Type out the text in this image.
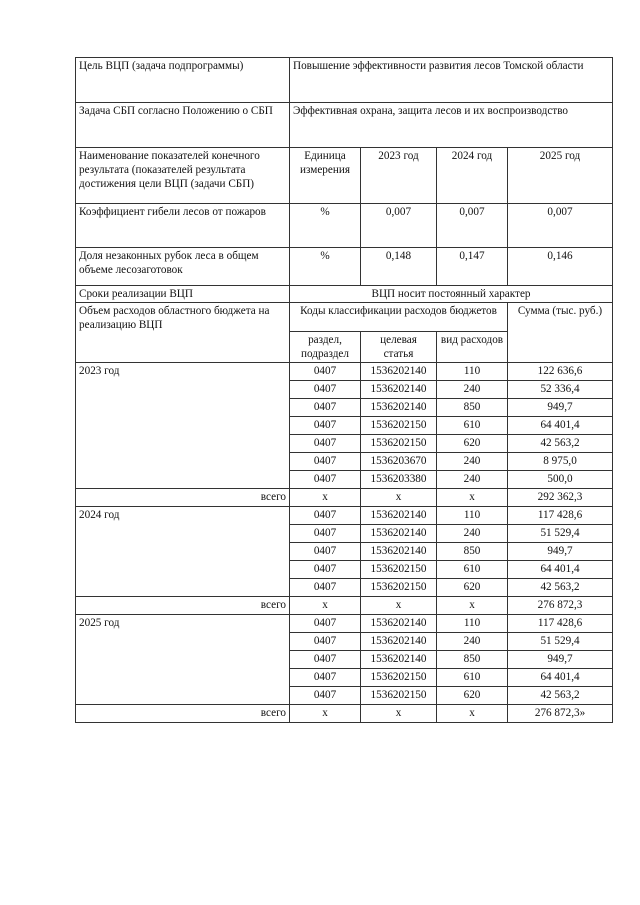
Цель ВЦП (задача подпрограммы)	Повышение эффективности развития лесов Томской области			
Задача СБП согласно Положению о СБП	Эффективная охрана, защита лесов и их воспроизводство			

Наименование показателей конечного результата (показателей результата достижения цели ВЦП (задачи СБП)	Единица измерения	2023 год	2024 год	2025 год
Коэффициент гибели лесов от пожаров	%	0,007	0,007	0,007
Доля незаконных рубок леса в общем объеме лесозаготовок	%	0,148	0,147	0,146
Сроки реализации ВЦП	ВЦП носит постоянный характер			
Объем расходов областного бюджета на реализацию ВЦП	Коды классификации расходов бюджетов			Сумма (тыс. руб.)
	раздел, подраздел	целевая статья	вид расходов	
2023 год	0407	1536202140	110	122 636,6
	0407	1536202140	240	52 336,4
	0407	1536202140	850	949,7
	0407	1536202150	610	64 401,4
	0407	1536202150	620	42 563,2
	0407	1536203670	240	8 975,0
	0407	1536203380	240	500,0
всего	х	х	х	292 362,3
2024 год	0407	1536202140	110	117 428,6
	0407	1536202140	240	51 529,4
	0407	1536202140	850	949,7
	0407	1536202150	610	64 401,4
	0407	1536202150	620	42 563,2
всего	х	х	х	276 872,3
2025 год	0407	1536202140	110	117 428,6
	0407	1536202140	240	51 529,4
	0407	1536202140	850	949,7
	0407	1536202150	610	64 401,4
	0407	1536202150	620	42 563,2
всего	х	х	х	276 872,3»
